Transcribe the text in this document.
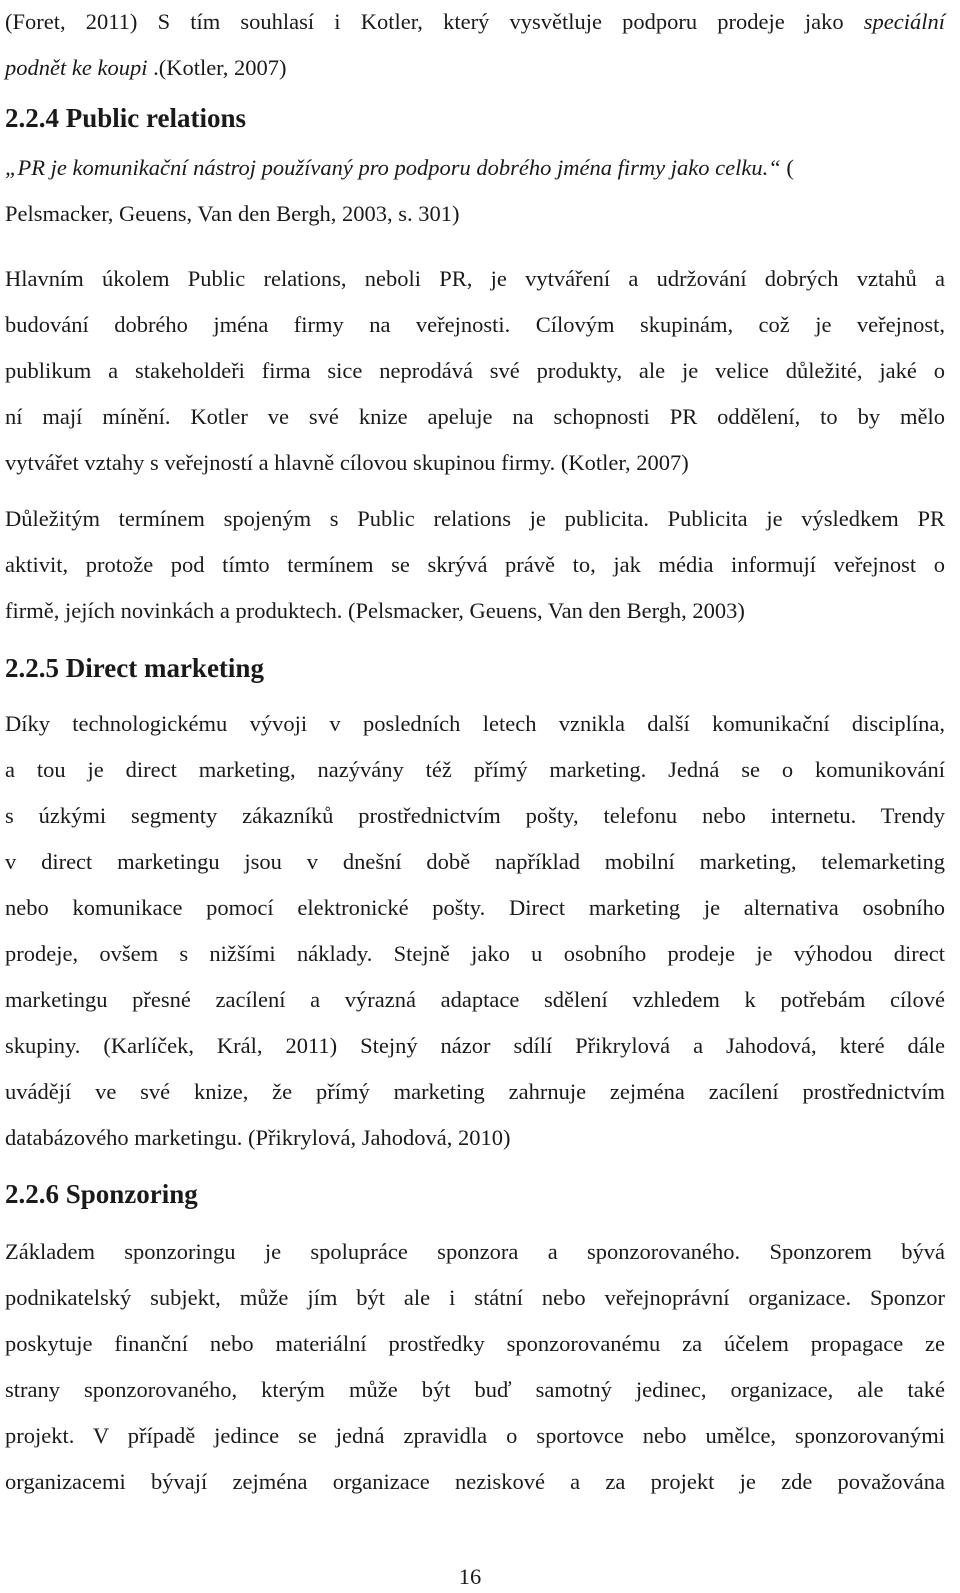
(Foret, 2011) S tím souhlasí i Kotler, který vysvětluje podporu prodeje jako speciální
podnět ke koupi .(Kotler, 2007)
2.2.4 Public relations
„PR je komunikační nástroj používaný pro podporu dobrého jména firmy jako celku.“ (
Pelsmacker, Geuens, Van den Bergh, 2003, s. 301)
Hlavním úkolem Public relations, neboli PR, je vytváření a udržování dobrých vztahů a
budování dobrého jména firmy na veřejnosti. Cílovým skupinám, což je veřejnost,
publikum a stakeholdeři firma sice neprodává své produkty, ale je velice důležité, jaké o
ní mají mínění. Kotler ve své knize apeluje na schopnosti PR oddělení, to by mělo
vytvářet vztahy s veřejností a hlavně cílovou skupinou firmy. (Kotler, 2007)
Důležitým termínem spojeným s Public relations je publicita. Publicita je výsledkem PR
aktivit, protože pod tímto termínem se skrývá právě to, jak média informují veřejnost o
firmě, jejích novinkách a produktech. (Pelsmacker, Geuens, Van den Bergh, 2003)
2.2.5 Direct marketing
Díky technologickému vývoji v posledních letech vznikla další komunikační disciplína,
a tou je direct marketing, nazývány též přímý marketing. Jedná se o komunikování
s úzkými segmenty zákazníků prostřednictvím pošty, telefonu nebo internetu. Trendy
v direct marketingu jsou v dnešní době například mobilní marketing, telemarketing
nebo komunikace pomocí elektronické pošty. Direct marketing je alternativa osobního
prodeje, ovšem s nižšími náklady. Stejně jako u osobního prodeje je výhodou direct
marketingu přesné zacílení a výrazná adaptace sdělení vzhledem k potřebám cílové
skupiny. (Karlíček, Král, 2011) Stejný názor sdílí Přikrylová a Jahodová, které dále
uvádějí ve své knize, že přímý marketing zahrnuje zejména zacílení prostřednictvím
databázového marketingu. (Přikrylová, Jahodová, 2010)
2.2.6 Sponzoring
Základem sponzoringu je spolupráce sponzora a sponzorovaného. Sponzorem bývá
podnikatelský subjekt, může jím být ale i státní nebo veřejnoprávní organizace. Sponzor
poskytuje finanční nebo materiální prostředky sponzorovanému za účelem propagace ze
strany sponzorovaného, kterým může být buď samotný jedinec, organizace, ale také
projekt. V případě jedince se jedná zpravidla o sportovce nebo umělce, sponzorovanými
organizacemi bývají zejména organizace neziskové a za projekt je zde považována
16
